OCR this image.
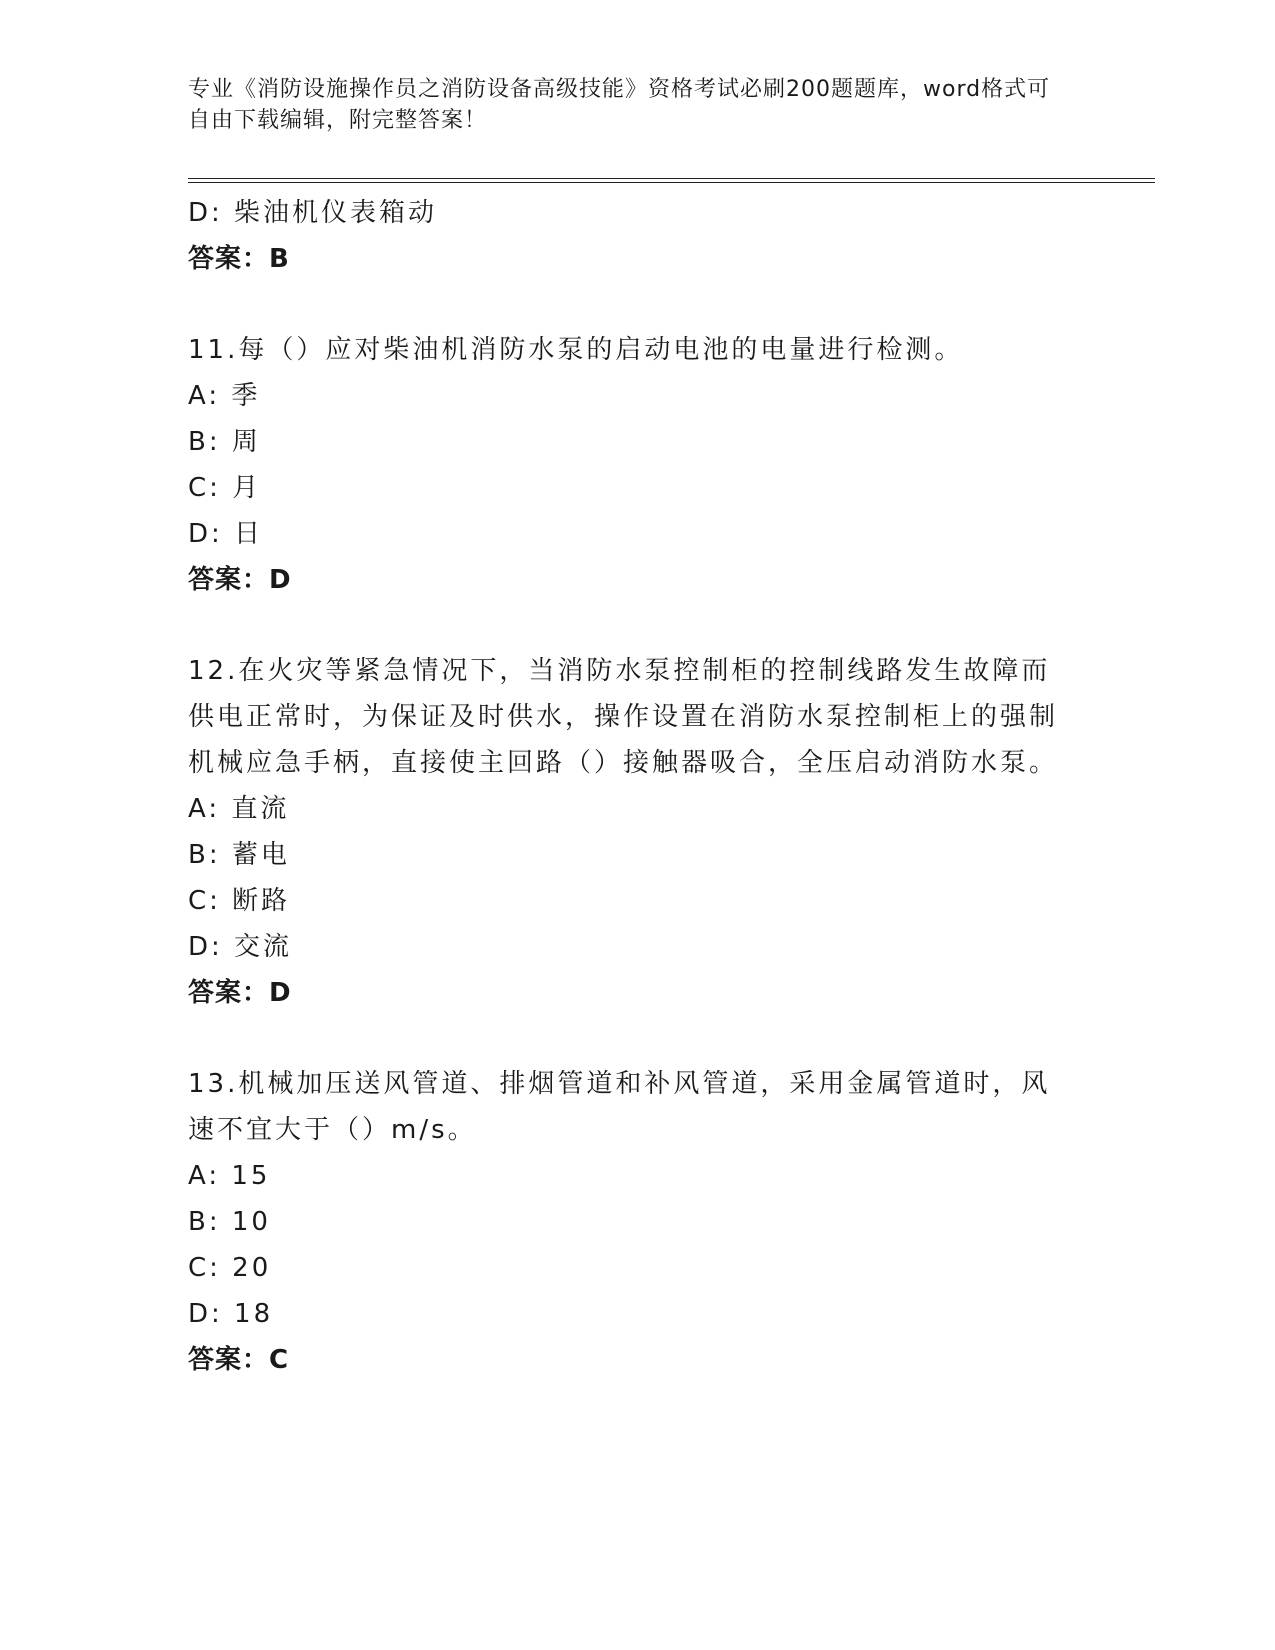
专业《消防设施操作员之消防设备高级技能》资格考试必刷200题题库，word格式可自由下载编辑，附完整答案！
D: 柴油机仪表箱动
答案：B
11.每（）应对柴油机消防水泵的启动电池的电量进行检测。
A: 季
B: 周
C: 月
D: 日
答案：D
12.在火灾等紧急情况下，当消防水泵控制柜的控制线路发生故障而供电正常时，为保证及时供水，操作设置在消防水泵控制柜上的强制机械应急手柄，直接使主回路（）接触器吸合，全压启动消防水泵。
A: 直流
B: 蓄电
C: 断路
D: 交流
答案：D
13.机械加压送风管道、排烟管道和补风管道，采用金属管道时，风速不宜大于（）m/s。
A: 15
B: 10
C: 20
D: 18
答案：C
